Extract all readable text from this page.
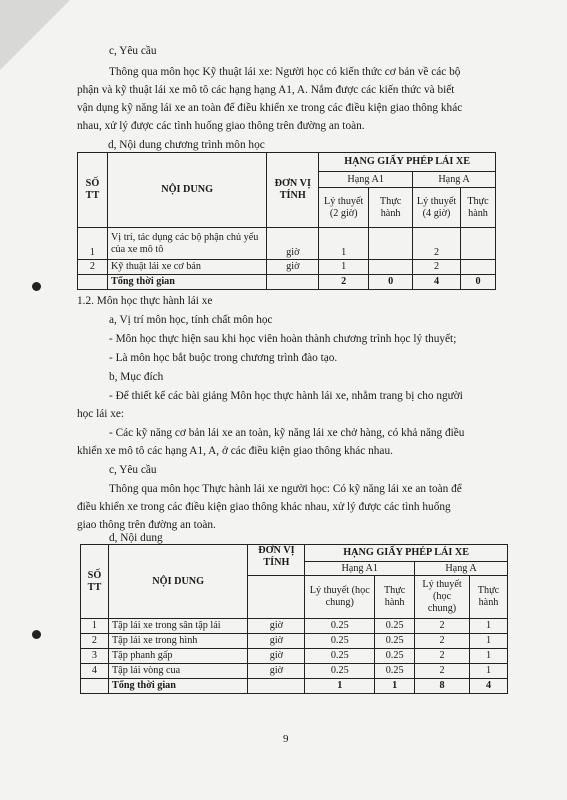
c, Yêu cầu
Thông qua môn học Kỹ thuật lái xe: Người học có kiến thức cơ bản về các bộ
phận và kỹ thuật lái xe mô tô các hạng hạng A1, A. Nắm được các kiến thức và biết
vận dụng kỹ năng lái xe an toàn để điều khiển xe trong các điều kiện giao thông khác
nhau, xử lý được các tình huống giao thông trên đường an toàn.
d, Nội dung chương trình môn học
SỐ TT	NỘI DUNG	ĐƠN VỊ TÍNH	HẠNG GIẤY PHÉP LÁI XE			
			Hạng A1		Hạng A	
			Lý thuyết (2 giờ)	Thực hành	Lý thuyết (4 giờ)	Thực hành
1	Vị trí, tác dụng các bộ phận chủ yếu của xe mô tô	giờ	1		2	
2	Kỹ thuật lái xe cơ bản	giờ	1		2	
	Tổng thời gian		2	0	4	0
1.2. Môn học thực hành lái xe
a, Vị trí môn học, tính chất môn học
- Môn học thực hiện sau khi học viên hoàn thành chương trình học lý thuyết;
- Là môn học bắt buộc trong chương trình đào tạo.
b, Mục đích
- Để thiết kế các bài giảng Môn học thực hành lái xe, nhằm trang bị cho người
học lái xe:
- Các kỹ năng cơ bản lái xe an toàn, kỹ năng lái xe chở hàng, có khả năng điều
khiển xe mô tô các hạng A1, A, ở các điều kiện giao thông khác nhau.
c, Yêu cầu
Thông qua môn học Thực hành lái xe người học: Có kỹ năng lái xe an toàn để
điều khiển xe trong các điều kiện giao thông khác nhau, xử lý được các tình huống
giao thông trên đường an toàn.
d, Nội dung
SỐ TT	NỘI DUNG	ĐƠN VỊ TÍNH	HẠNG GIẤY PHÉP LÁI XE			
			Hạng A1		Hạng A	
			Lý thuyết (học chung)	Thực hành	Lý thuyết (học chung)	Thực hành
1	Tập lái xe trong sân tập lái	giờ	0.25	0.25	2	1
2	Tập lái xe trong hình	giờ	0.25	0.25	2	1
3	Tập phanh gấp	giờ	0.25	0.25	2	1
4	Tập lái vòng cua	giờ	0.25	0.25	2	1
	Tổng thời gian		1	1	8	4
9
